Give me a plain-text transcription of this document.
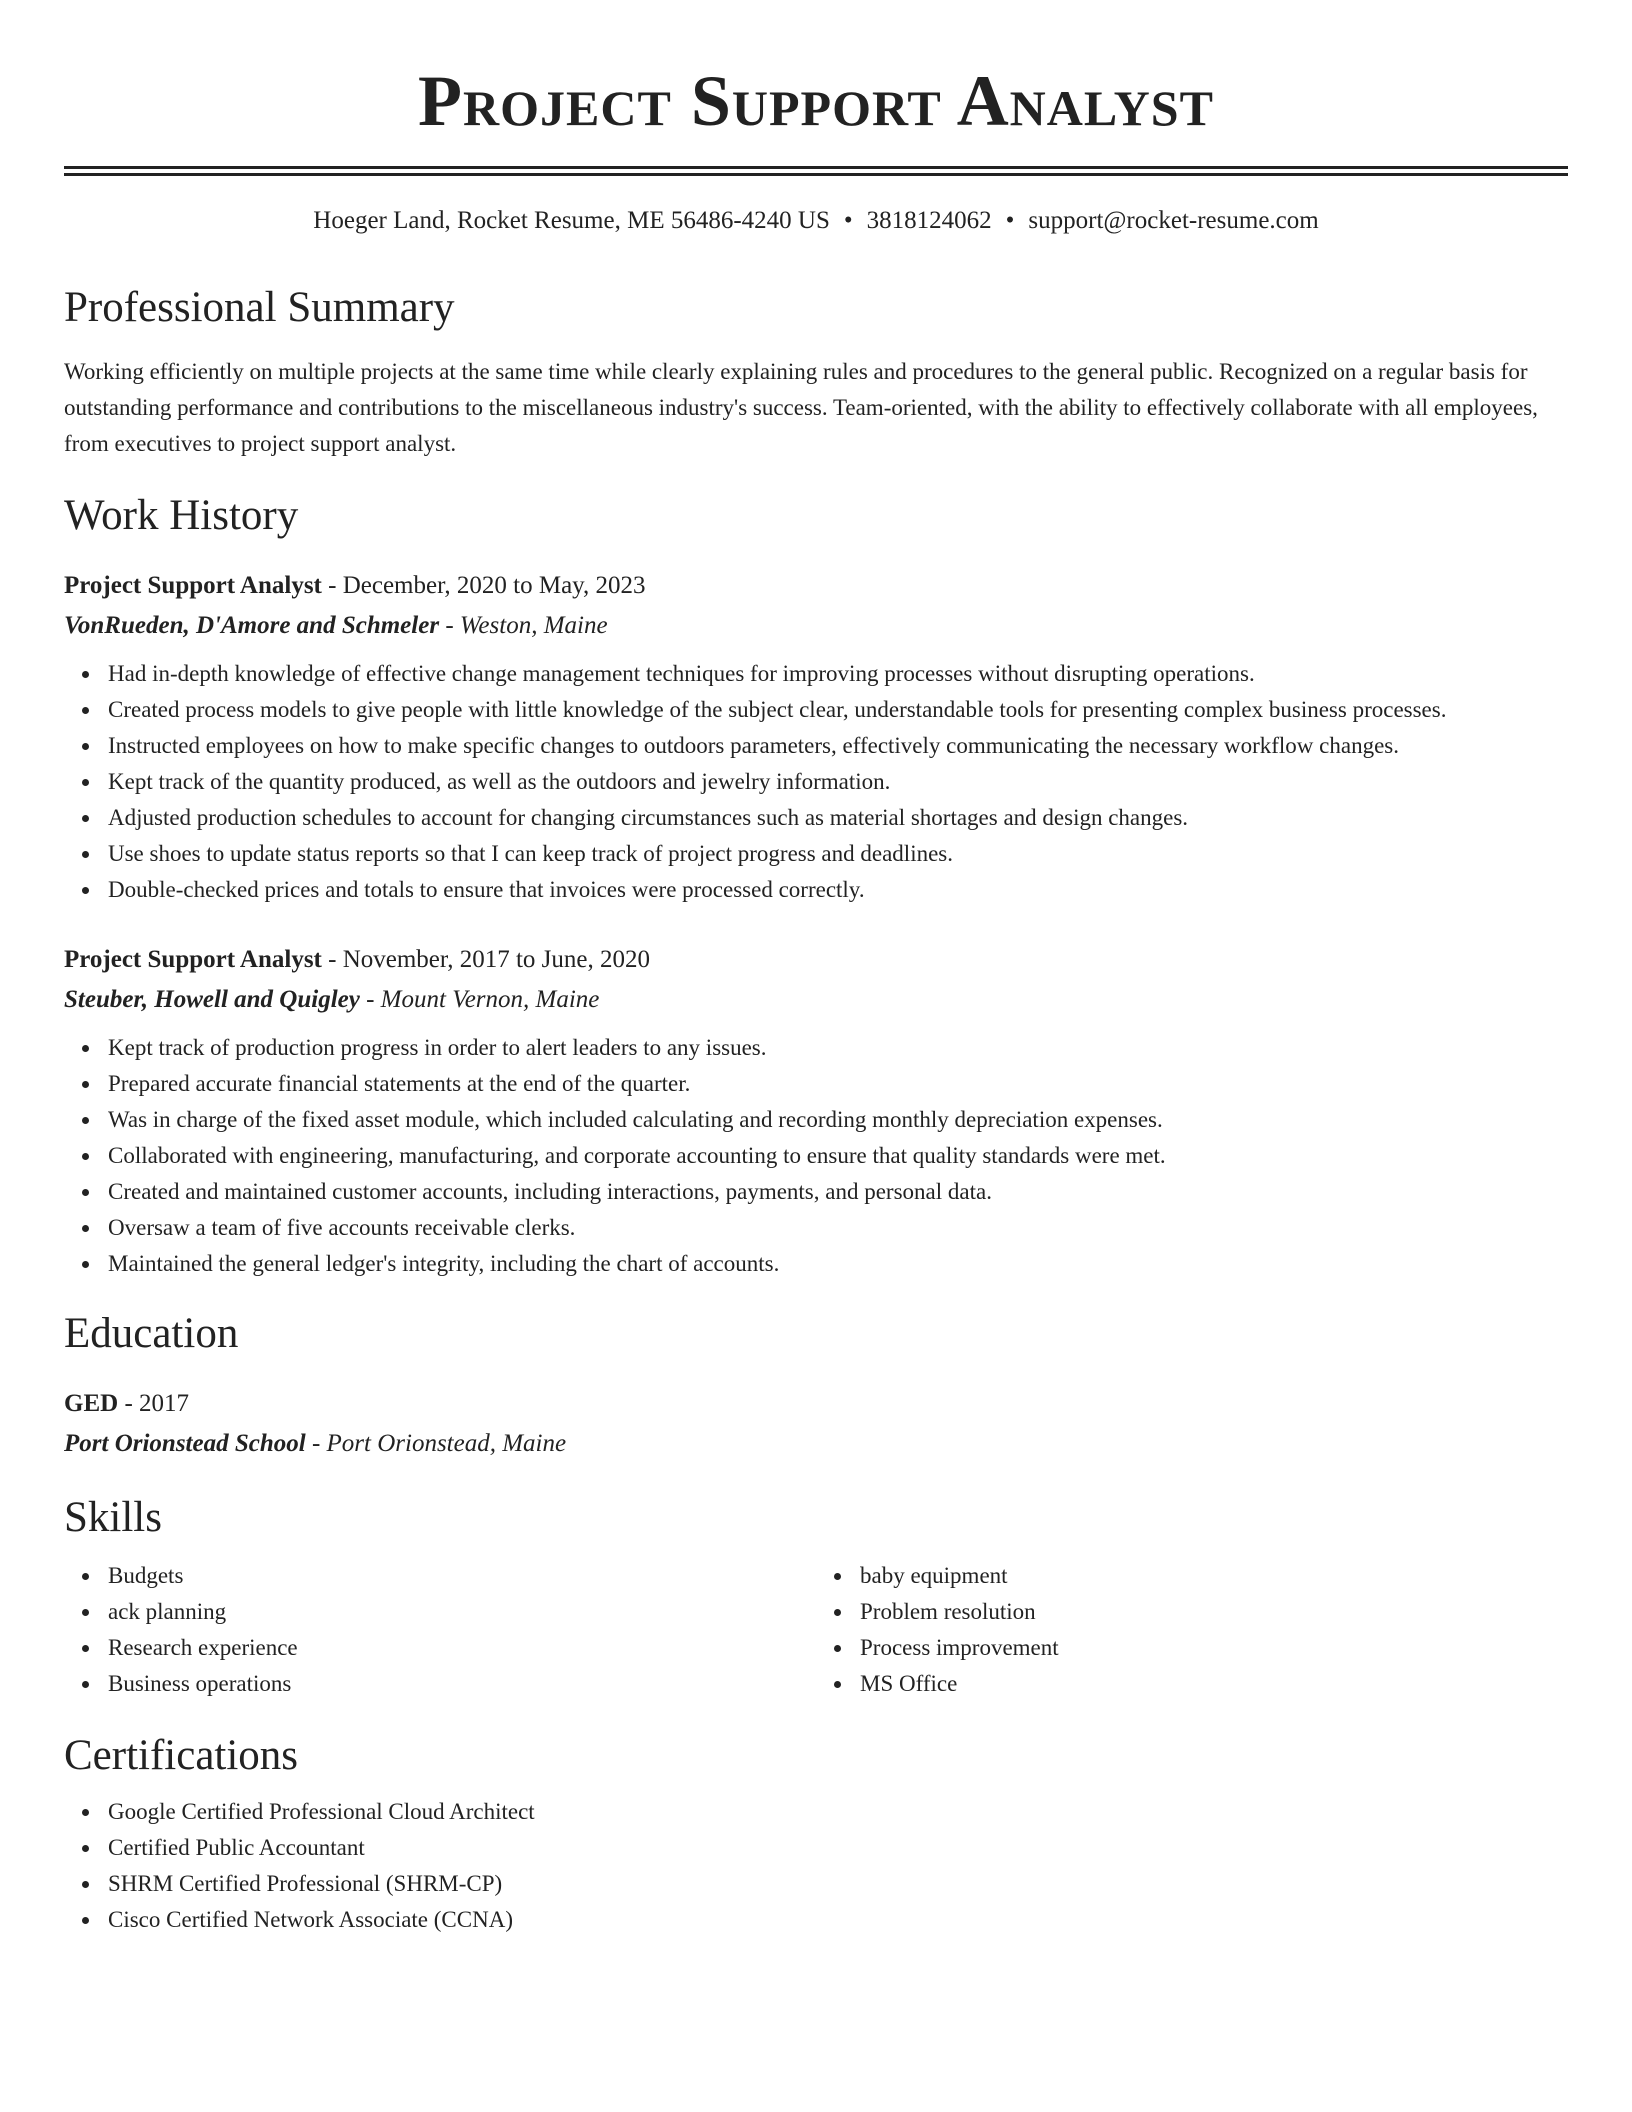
Project Support Analyst
Hoeger Land, Rocket Resume, ME 56486-4240 US • 3818124062 • support@rocket-resume.com
Professional Summary

Working efficiently on multiple projects at the same time while clearly explaining rules and procedures to the general public. Recognized on a regular basis for outstanding performance and contributions to the miscellaneous industry's success. Team-oriented, with the ability to effectively collaborate with all employees, from executives to project support analyst.

Work History
Project Support Analyst - December, 2020 to May, 2023
VonRueden, D'Amore and Schmeler - Weston, Maine
Had in-depth knowledge of effective change management techniques for improving processes without disrupting operations.
Created process models to give people with little knowledge of the subject clear, understandable tools for presenting complex business processes.
Instructed employees on how to make specific changes to outdoors parameters, effectively communicating the necessary workflow changes.
Kept track of the quantity produced, as well as the outdoors and jewelry information.
Adjusted production schedules to account for changing circumstances such as material shortages and design changes.
Use shoes to update status reports so that I can keep track of project progress and deadlines.
Double-checked prices and totals to ensure that invoices were processed correctly.
Project Support Analyst - November, 2017 to June, 2020
Steuber, Howell and Quigley - Mount Vernon, Maine
Kept track of production progress in order to alert leaders to any issues.
Prepared accurate financial statements at the end of the quarter.
Was in charge of the fixed asset module, which included calculating and recording monthly depreciation expenses.
Collaborated with engineering, manufacturing, and corporate accounting to ensure that quality standards were met.
Created and maintained customer accounts, including interactions, payments, and personal data.
Oversaw a team of five accounts receivable clerks.
Maintained the general ledger's integrity, including the chart of accounts.
Education
GED - 2017
Port Orionstead School - Port Orionstead, Maine
Skills
Budgets
ack planning
Research experience
Business operations
baby equipment
Problem resolution
Process improvement
MS Office
Certifications
Google Certified Professional Cloud Architect
Certified Public Accountant
SHRM Certified Professional (SHRM-CP)
Cisco Certified Network Associate (CCNA)
